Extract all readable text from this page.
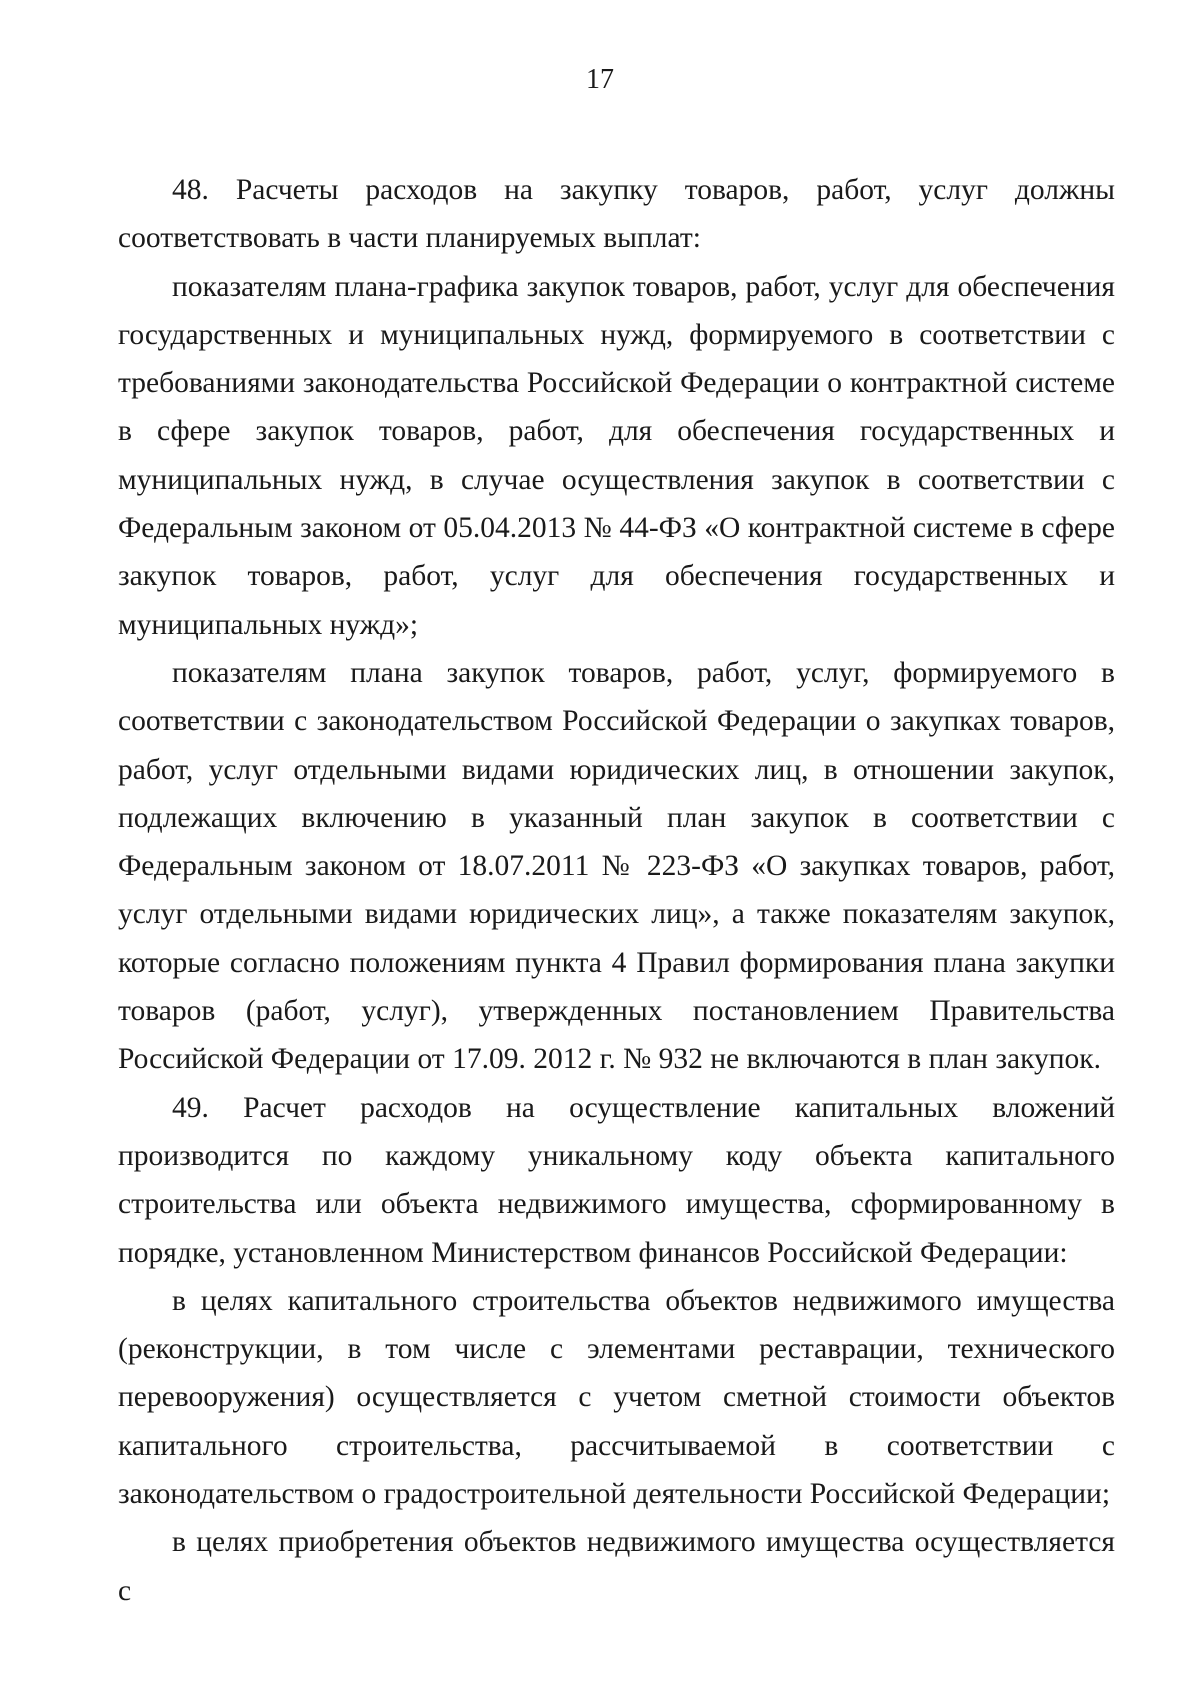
17

48. Расчеты расходов на закупку товаров, работ, услуг должны соответствовать в части планируемых выплат:

показателям плана-графика закупок товаров, работ, услуг для обеспечения государственных и муниципальных нужд, формируемого в соответствии с требованиями законодательства Российской Федерации о контрактной системе в сфере закупок товаров, работ, для обеспечения государственных и муниципальных нужд, в случае осуществления закупок в соответствии с Федеральным законом от 05.04.2013 № 44-ФЗ «О контрактной системе в сфере закупок товаров, работ, услуг для обеспечения государственных и муниципальных нужд»;

показателям плана закупок товаров, работ, услуг, формируемого в соответствии с законодательством Российской Федерации о закупках товаров, работ, услуг отдельными видами юридических лиц, в отношении закупок, подлежащих включению в указанный план закупок в соответствии с Федеральным законом от 18.07.2011 № 223-ФЗ «О закупках товаров, работ, услуг отдельными видами юридических лиц», а также показателям закупок, которые согласно положениям пункта 4 Правил формирования плана закупки товаров (работ, услуг), утвержденных постановлением Правительства Российской Федерации от 17.09. 2012 г. № 932 не включаются в план закупок.

49. Расчет расходов на осуществление капитальных вложений производится по каждому уникальному коду объекта капитального строительства или объекта недвижимого имущества, сформированному в порядке, установленном Министерством финансов Российской Федерации:

в целях капитального строительства объектов недвижимого имущества (реконструкции, в том числе с элементами реставрации, технического перевооружения) осуществляется с учетом сметной стоимости объектов капитального строительства, рассчитываемой в соответствии с законодательством о градостроительной деятельности Российской Федерации;

в целях приобретения объектов недвижимого имущества осуществляется с
